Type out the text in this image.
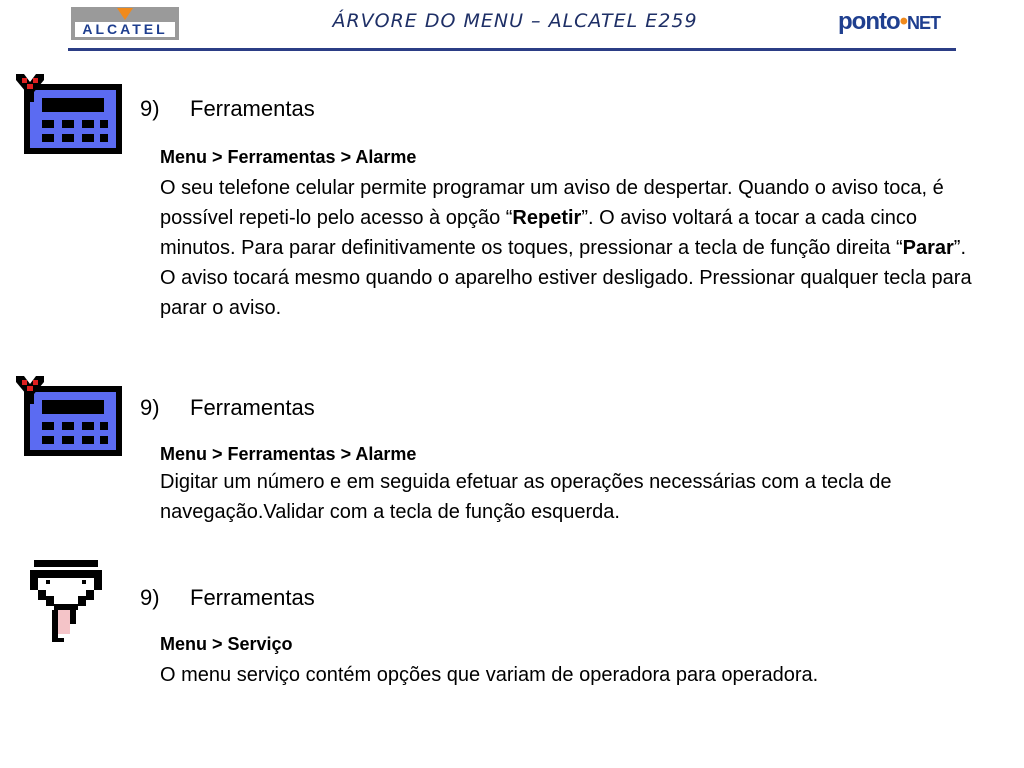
ALCATEL	ÁRVORE DO MENU – ALCATEL E259	ponto•NET
9) Ferramentas
Menu > Ferramentas > Alarme
O seu telefone celular permite programar um aviso de despertar. Quando o aviso toca, é possível repeti-lo pelo acesso à opção “Repetir”. O aviso voltará a tocar a cada cinco minutos. Para parar definitivamente os toques, pressionar a tecla de função direita “Parar”.
O aviso tocará mesmo quando o aparelho estiver desligado. Pressionar qualquer tecla para parar o aviso.
9) Ferramentas
Menu > Ferramentas > Alarme
Digitar um número e em seguida efetuar as operações necessárias com a tecla de navegação.Validar com a tecla de função esquerda.
9) Ferramentas
Menu > Serviço
O menu serviço contém opções que variam de operadora para operadora.
